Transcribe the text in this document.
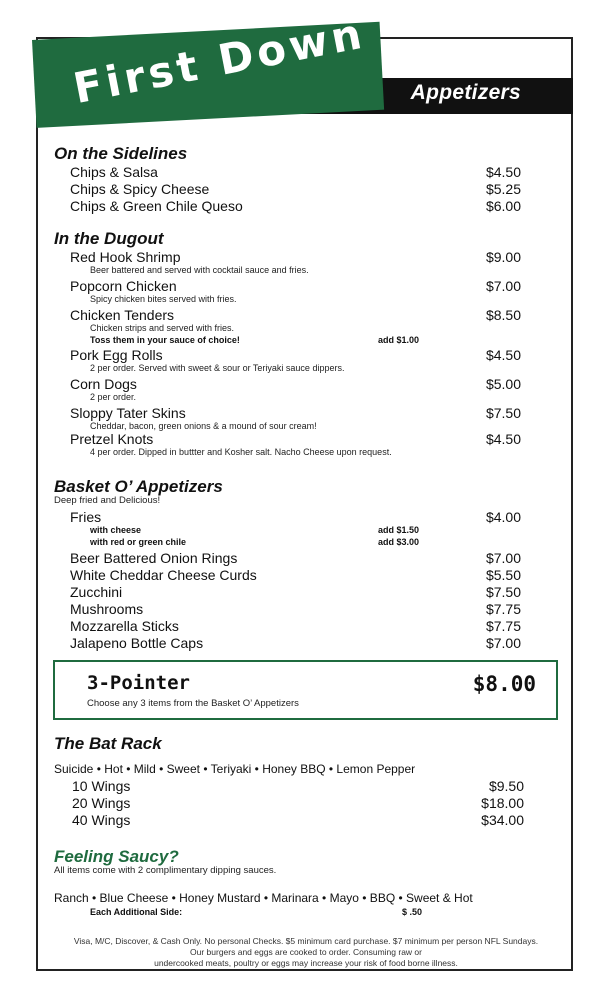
Appetizers
First Down
On the Sidelines
Chips & Salsa	$4.50
Chips & Spicy Cheese	$5.25
Chips & Green Chile Queso	$6.00
In the Dugout
Red Hook Shrimp	$9.00
Beer battered and served with cocktail sauce and fries.
Popcorn Chicken	$7.00
Spicy chicken bites served with fries.
Chicken Tenders	$8.50
Chicken strips and served with fries.
Toss them in your sauce of choice!	add $1.00
Pork Egg Rolls	$4.50
2 per order. Served with sweet & sour or Teriyaki sauce dippers.
Corn Dogs	$5.00
2 per order.
Sloppy Tater Skins	$7.50
Cheddar, bacon, green onions & a mound of sour cream!
Pretzel Knots	$4.50
4 per order. Dipped in buttter and Kosher salt. Nacho Cheese upon request.
Basket O’ Appetizers
Deep fried and Delicious!
Fries	$4.00
with cheese	add $1.50
with red or green chile	add $3.00
Beer Battered Onion Rings	$7.00
White Cheddar Cheese Curds	$5.50
Zucchini	$7.50
Mushrooms	$7.75
Mozzarella Sticks	$7.75
Jalapeno Bottle Caps	$7.00
3-Pointer	$8.00
Choose any 3 items from the Basket O’ Appetizers
The Bat Rack
Suicide • Hot • Mild • Sweet • Teriyaki • Honey BBQ • Lemon Pepper
10 Wings	$9.50
20 Wings	$18.00
40 Wings	$34.00
Feeling Saucy?
All items come with 2 complimentary dipping sauces.
Ranch • Blue Cheese • Honey Mustard • Marinara • Mayo • BBQ • Sweet & Hot
Each Additional Side:	$ .50
Visa, M/C, Discover, & Cash Only. No personal Checks. $5 minimum card purchase. $7 minimum per person NFL Sundays.
Our burgers and eggs are cooked to order. Consuming raw or
undercooked meats, poultry or eggs may increase your risk of food borne illness.
